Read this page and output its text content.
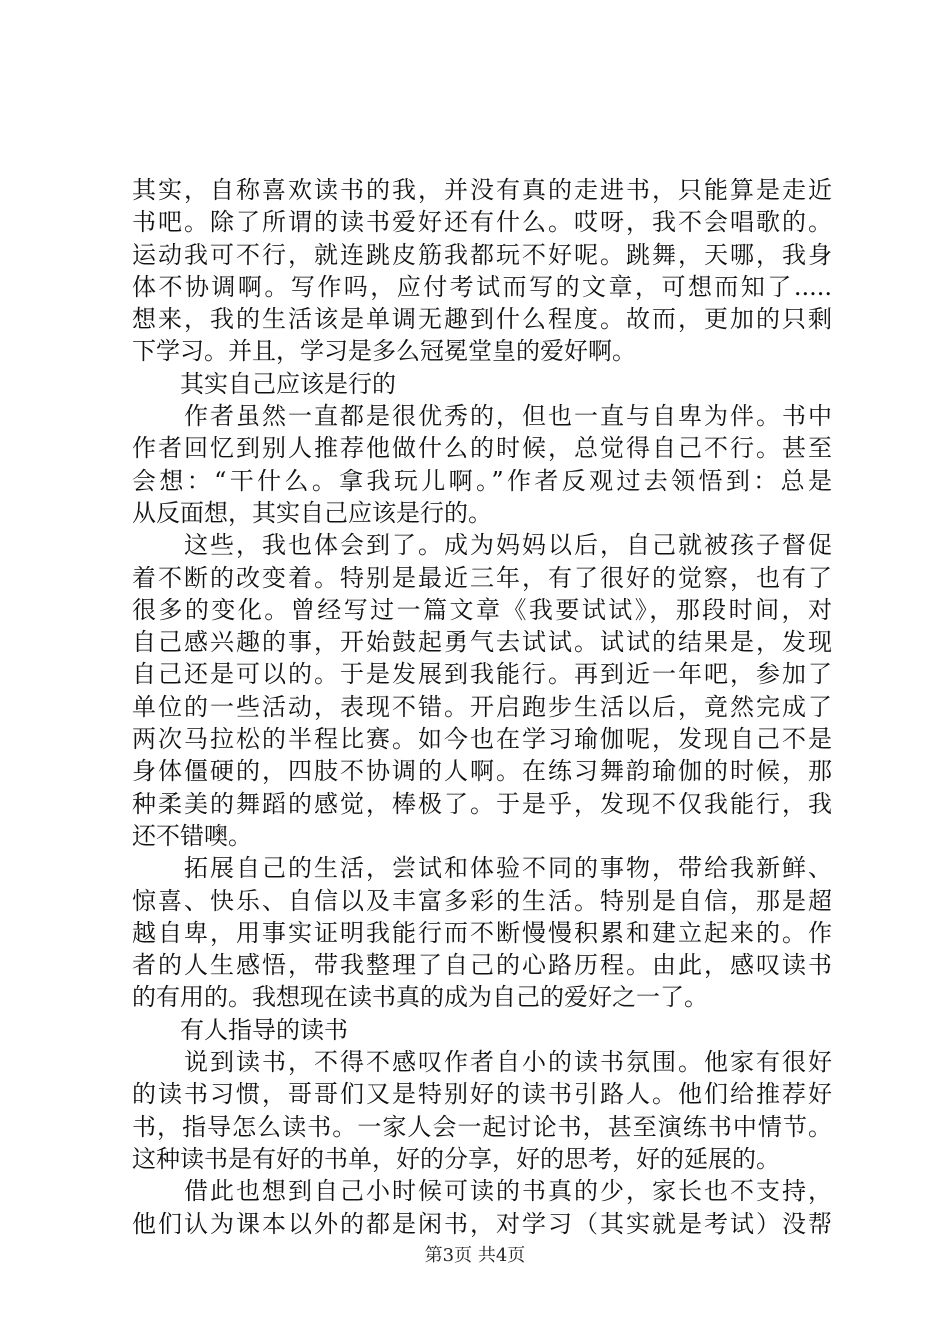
其实，自称喜欢读书的我，并没有真的走进书，只能算是走近
书吧。除了所谓的读书爱好还有什么。哎呀，我不会唱歌的。
运动我可不行，就连跳皮筋我都玩不好呢。跳舞，天哪，我身
体不协调啊。写作吗，应付考试而写的文章，可想而知了.....
想来，我的生活该是单调无趣到什么程度。故而，更加的只剩
下学习。并且，学习是多么冠冕堂皇的爱好啊。
　　其实自己应该是行的
　　作者虽然一直都是很优秀的，但也一直与自卑为伴。书中
作者回忆到别人推荐他做什么的时候，总觉得自己不行。甚至
会想：“干什么。拿我玩儿啊。”作者反观过去领悟到：总是
从反面想，其实自己应该是行的。
　　这些，我也体会到了。成为妈妈以后，自己就被孩子督促
着不断的改变着。特别是最近三年，有了很好的觉察，也有了
很多的变化。曾经写过一篇文章《我要试试》，那段时间，对
自己感兴趣的事，开始鼓起勇气去试试。试试的结果是，发现
自己还是可以的。于是发展到我能行。再到近一年吧，参加了
单位的一些活动，表现不错。开启跑步生活以后，竟然完成了
两次马拉松的半程比赛。如今也在学习瑜伽呢，发现自己不是
身体僵硬的，四肢不协调的人啊。在练习舞韵瑜伽的时候，那
种柔美的舞蹈的感觉，棒极了。于是乎，发现不仅我能行，我
还不错噢。
　　拓展自己的生活，尝试和体验不同的事物，带给我新鲜、
惊喜、快乐、自信以及丰富多彩的生活。特别是自信，那是超
越自卑，用事实证明我能行而不断慢慢积累和建立起来的。作
者的人生感悟，带我整理了自己的心路历程。由此，感叹读书
的有用的。我想现在读书真的成为自己的爱好之一了。
　　有人指导的读书
　　说到读书，不得不感叹作者自小的读书氛围。他家有很好
的读书习惯，哥哥们又是特别好的读书引路人。他们给推荐好
书，指导怎么读书。一家人会一起讨论书，甚至演练书中情节。
这种读书是有好的书单，好的分享，好的思考，好的延展的。
　　借此也想到自己小时候可读的书真的少，家长也不支持，
他们认为课本以外的都是闲书，对学习（其实就是考试）没帮
第3页 共4页
